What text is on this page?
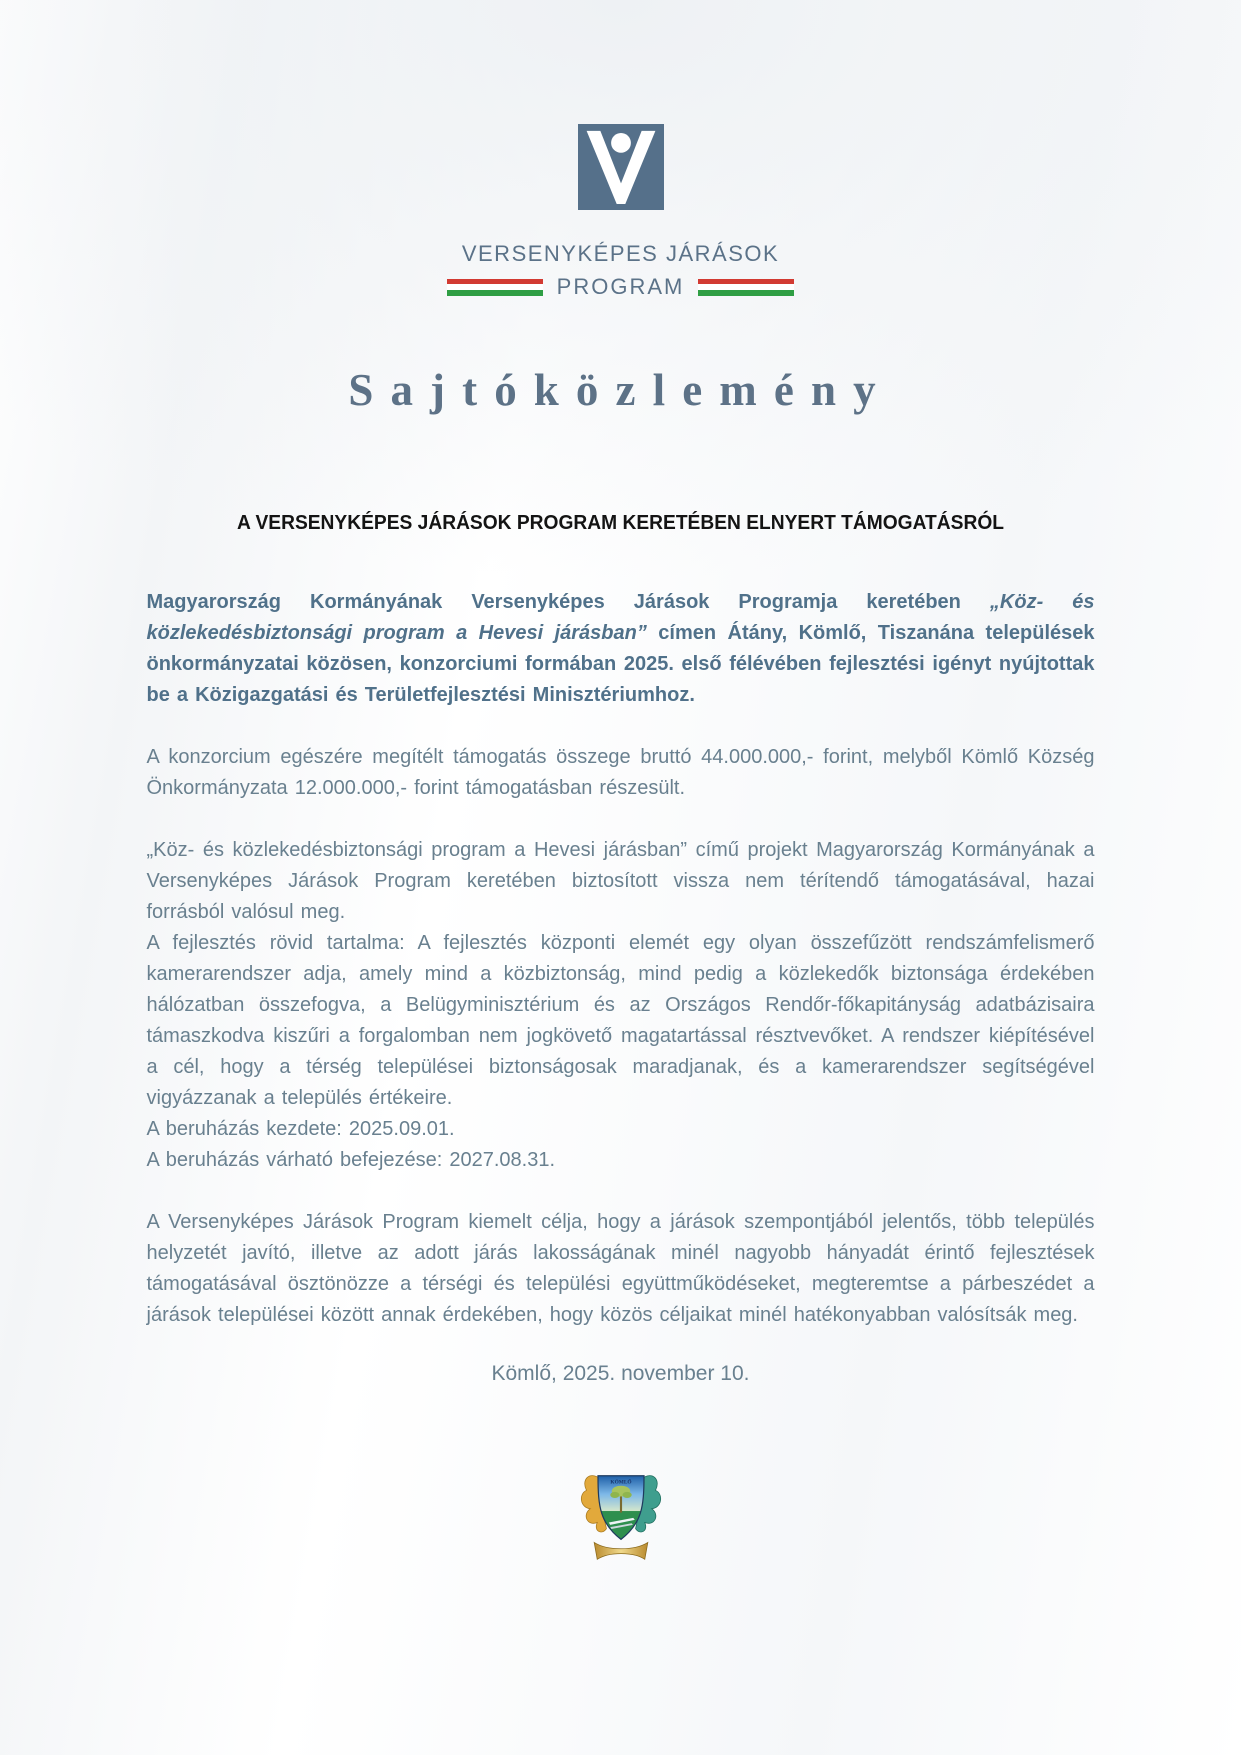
VERSENYKÉPES JÁRÁSOK
PROGRAM
Sajtóközlemény
A VERSENYKÉPES JÁRÁSOK PROGRAM KERETÉBEN ELNYERT TÁMOGATÁSRÓL

Magyarország Kormányának Versenyképes Járások Programja keretében „Köz- és közlekedésbiztonsági program a Hevesi járásban” címen Átány, Kömlő, Tiszanána települések önkormányzatai közösen, konzorciumi formában 2025. első félévében fejlesztési igényt nyújtottak be a Közigazgatási és Területfejlesztési Minisztériumhoz.

A konzorcium egészére megítélt támogatás összege bruttó 44.000.000,- forint, melyből Kömlő Község Önkormányzata 12.000.000,- forint támogatásban részesült.

„Köz- és közlekedésbiztonsági program a Hevesi járásban” című projekt Magyarország Kormányának a Versenyképes Járások Program keretében biztosított vissza nem térítendő támogatásával, hazai forrásból valósul meg.
A fejlesztés rövid tartalma: A fejlesztés központi elemét egy olyan összefűzött rendszámfelismerő kamerarendszer adja, amely mind a közbiztonság, mind pedig a közlekedők biztonsága érdekében hálózatban összefogva, a Belügyminisztérium és az Országos Rendőr-főkapitányság adatbázisaira támaszkodva kiszűri a forgalomban nem jogkövető magatartással résztvevőket. A rendszer kiépítésével a cél, hogy a térség települései biztonságosak maradjanak, és a kamerarendszer segítségével vigyázzanak a település értékeire.
A beruházás kezdete: 2025.09.01.
A beruházás várható befejezése: 2027.08.31.

A Versenyképes Járások Program kiemelt célja, hogy a járások szempontjából jelentős, több település helyzetét javító, illetve az adott járás lakosságának minél nagyobb hányadát érintő fejlesztések támogatásával ösztönözze a térségi és települési együttműködéseket, megteremtse a párbeszédet a járások települései között annak érdekében, hogy közös céljaikat minél hatékonyabban valósítsák meg.

Kömlő, 2025. november 10.
KÖMLŐ
